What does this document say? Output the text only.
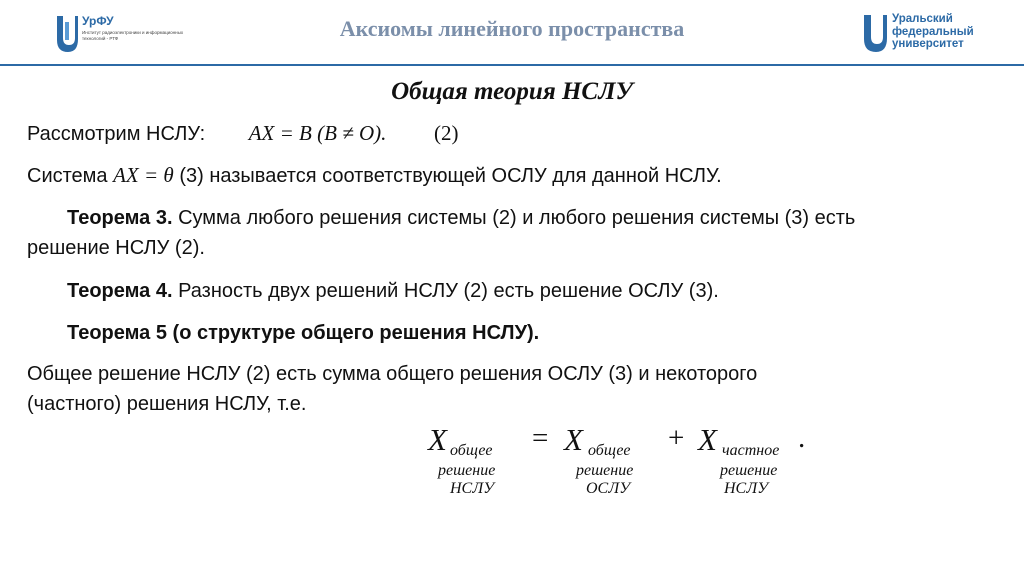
УрФУ
Институт радиоэлектроники и информационных технологий - РТФ	Аксиомы линейного пространства	Уральский
федеральный
университет
Общая теория НСЛУ
Рассмотрим НСЛУ: AX = B (B ≠ O). (2)
Система AX = θ (3) называется соответствующей ОСЛУ для данной НСЛУ.
Теорема 3. Сумма любого решения системы (2) и любого решения системы (3) есть
решение НСЛУ (2).
Теорема 4. Разность двух решений НСЛУ (2) есть решение ОСЛУ (3).
Теорема 5 (о структуре общего решения НСЛУ).
Общее решение НСЛУ (2) есть сумма общего решения ОСЛУ (3) и некоторого
(частного) решения НСЛУ, т.е.
X общее
решение
НСЛУ
= X общее
решение
ОСЛУ
+ X частное
решение
НСЛУ
.
